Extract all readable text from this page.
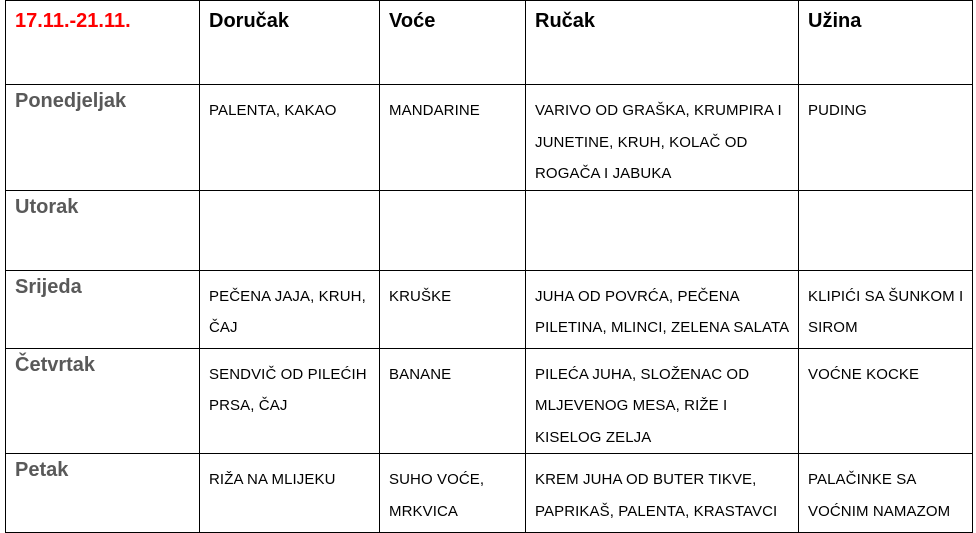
17.11.-21.11.	Doručak	Voće	Ručak	Užina
Ponedjeljak	PALENTA, KAKAO	MANDARINE	VARIVO OD GRAŠKA, KRUMPIRA I JUNETINE, KRUH, KOLAČ OD ROGAČA I JABUKA	PUDING
Utorak				
Srijeda	PEČENA JAJA, KRUH, ČAJ	KRUŠKE	JUHA OD POVRĆA, PEČENA PILETINA, MLINCI, ZELENA SALATA	KLIPIĆI SA ŠUNKOM I SIROM
Četvrtak	SENDVIČ OD PILEĆIH PRSA, ČAJ	BANANE	PILEĆA JUHA, SLOŽENAC OD MLJEVENOG MESA, RIŽE I KISELOG ZELJA	VOĆNE KOCKE
Petak	RIŽA NA MLIJEKU	SUHO VOĆE, MRKVICA	KREM JUHA OD BUTER TIKVE, PAPRIKAŠ, PALENTA, KRASTAVCI	PALAČINKE SA VOĆNIM NAMAZOM
